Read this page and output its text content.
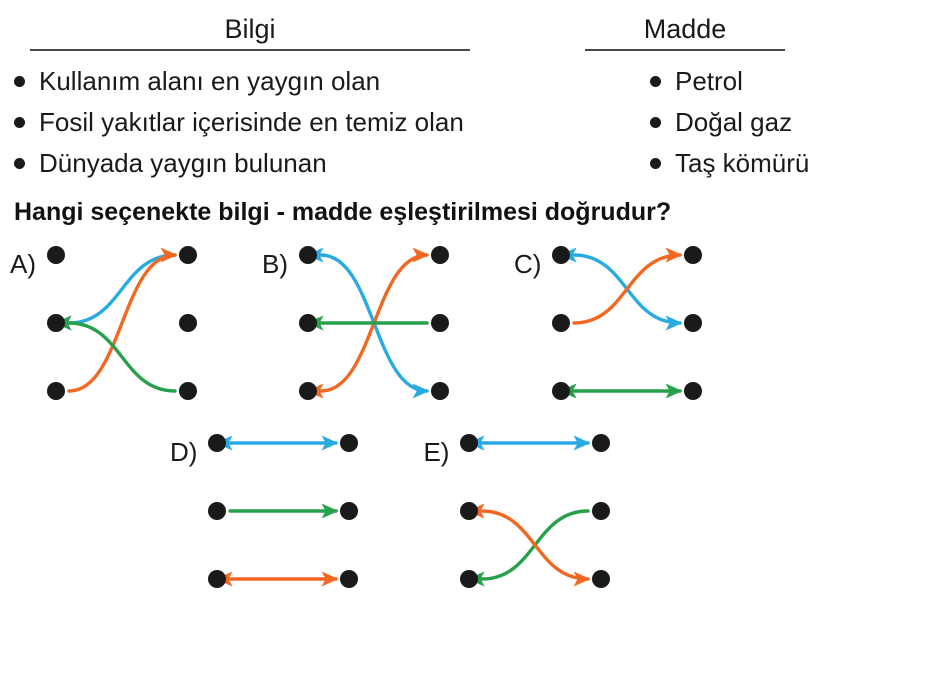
Bilgi	Madde
Kullanım alanı en yaygın olan
Fosil yakıtlar içerisinde en temiz olan
Dünyada yaygın bulunan
Petrol
Doğal gaz
Taş kömürü
Hangi seçenekte bilgi - madde eşleştirilmesi doğrudur?
A)	B)	C)
D)	E)
